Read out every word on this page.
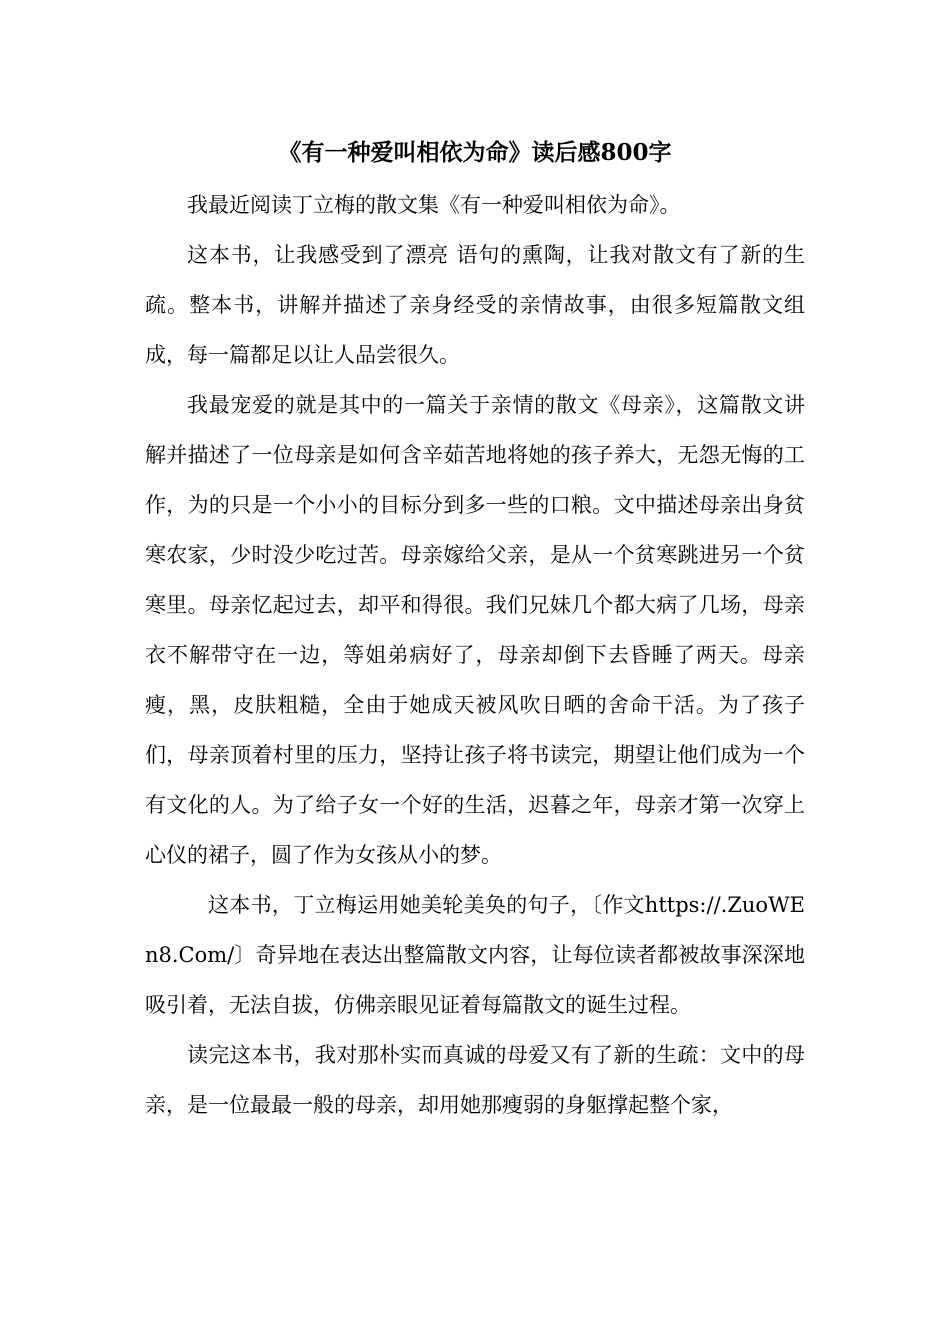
《有一种爱叫相依为命》读后感800字

我最近阅读丁立梅的散文集《有一种爱叫相依为命》。

这本书，让我感受到了漂亮 语句的熏陶，让我对散文有了新的生疏。整本书，讲解并描述了亲身经受的亲情故事，由很多短篇散文组成，每一篇都足以让人品尝很久。

我最宠爱的就是其中的一篇关于亲情的散文《母亲》，这篇散文讲解并描述了一位母亲是如何含辛茹苦地将她的孩子养大，无怨无悔的工作，为的只是一个小小的目标分到多一些的口粮。文中描述母亲出身贫寒农家，少时没少吃过苦。母亲嫁给父亲，是从一个贫寒跳进另一个贫寒里。母亲忆起过去，却平和得很。我们兄妹几个都大病了几场，母亲衣不解带守在一边，等姐弟病好了，母亲却倒下去昏睡了两天。母亲瘦，黑，皮肤粗糙，全由于她成天被风吹日晒的舍命干活。为了孩子们，母亲顶着村里的压力，坚持让孩子将书读完，期望让他们成为一个有文化的人。为了给子女一个好的生活，迟暮之年，母亲才第一次穿上心仪的裙子，圆了作为女孩从小的梦。

这本书，丁立梅运用她美轮美奂的句子，〔作文https://.ZuoWEn8.Com/〕奇异地在表达出整篇散文内容，让每位读者都被故事深深地吸引着，无法自拔，仿佛亲眼见证着每篇散文的诞生过程。

读完这本书，我对那朴实而真诚的母爱又有了新的生疏：文中的母亲，是一位最最一般的母亲，却用她那瘦弱的身躯撑起整个家，
